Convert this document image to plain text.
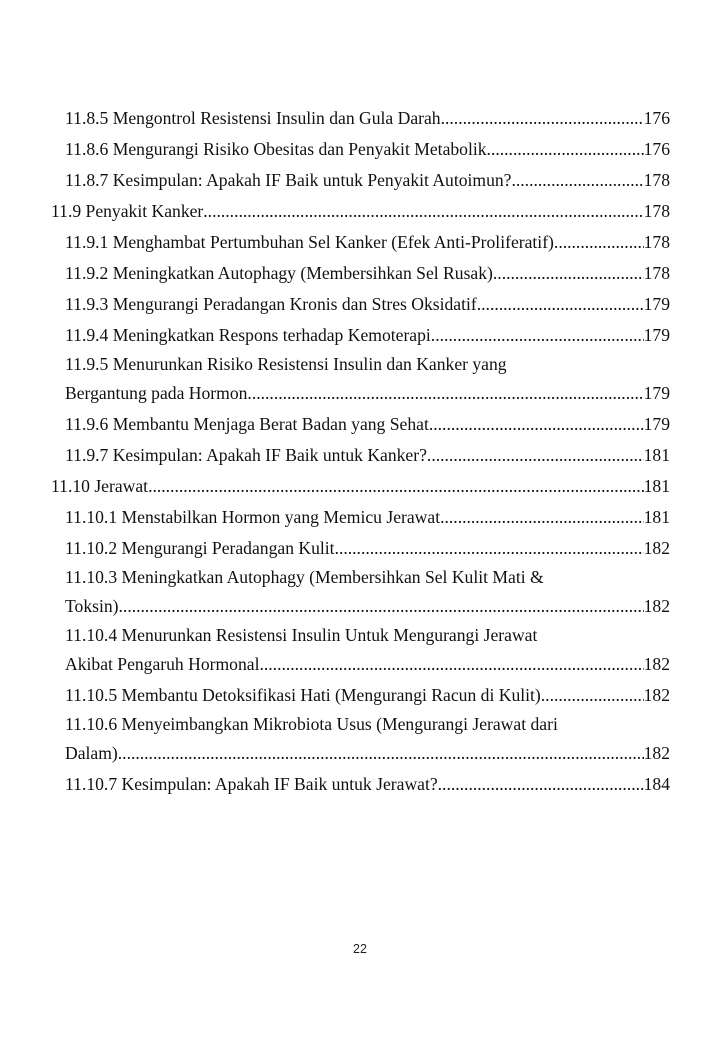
11.8.5 Mengontrol Resistensi Insulin dan Gula Darah .....	176
11.8.6 Mengurangi Risiko Obesitas dan Penyakit Metabolik .....	176
11.8.7 Kesimpulan: Apakah IF Baik untuk Penyakit Autoimun? .....	178
11.9 Penyakit Kanker .....	178
11.9.1 Menghambat Pertumbuhan Sel Kanker (Efek Anti-Proliferatif) .....	178
11.9.2 Meningkatkan Autophagy (Membersihkan Sel Rusak) .....	178
11.9.3 Mengurangi Peradangan Kronis dan Stres Oksidatif .....	179
11.9.4 Meningkatkan Respons terhadap Kemoterapi .....	179
11.9.5 Menurunkan Risiko Resistensi Insulin dan Kanker yang
Bergantung pada Hormon .....	179
11.9.6 Membantu Menjaga Berat Badan yang Sehat .....	179
11.9.7 Kesimpulan: Apakah IF Baik untuk Kanker? .....	181
11.10 Jerawat .....	181
11.10.1 Menstabilkan Hormon yang Memicu Jerawat .....	181
11.10.2 Mengurangi Peradangan Kulit .....	182
11.10.3 Meningkatkan Autophagy (Membersihkan Sel Kulit Mati &
Toksin) .....	182
11.10.4 Menurunkan Resistensi Insulin Untuk Mengurangi Jerawat
Akibat Pengaruh Hormonal .....	182
11.10.5 Membantu Detoksifikasi Hati (Mengurangi Racun di Kulit) .....	182
11.10.6 Menyeimbangkan Mikrobiota Usus (Mengurangi Jerawat dari
Dalam) .....	182
11.10.7 Kesimpulan: Apakah IF Baik untuk Jerawat? .....	184
22
